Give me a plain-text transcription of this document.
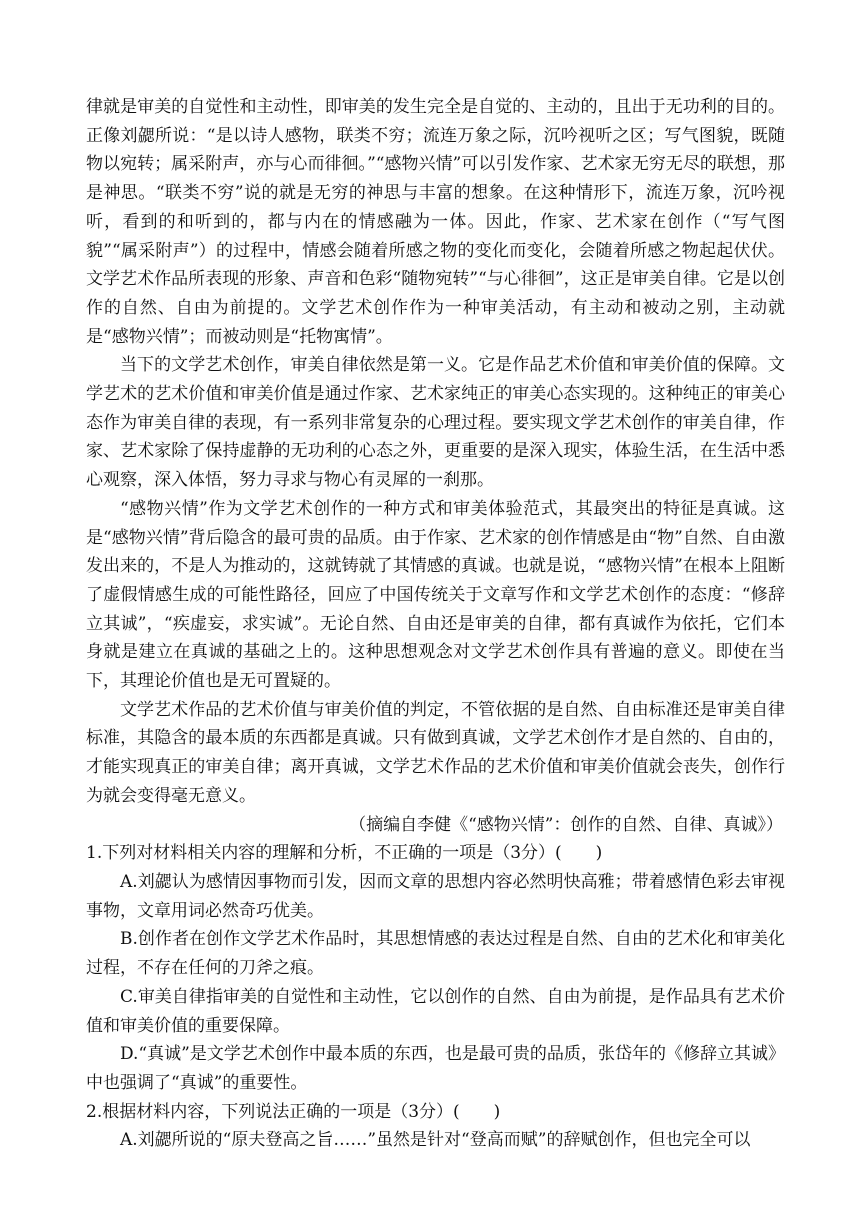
律就是审美的自觉性和主动性，即审美的发生完全是自觉的、主动的，且出于无功利的目的。正像刘勰所说：“是以诗人感物，联类不穷；流连万象之际，沉吟视听之区；写气图貌，既随物以宛转；属采附声，亦与心而徘徊。”“感物兴情”可以引发作家、艺术家无穷无尽的联想，那是神思。“联类不穷”说的就是无穷的神思与丰富的想象。在这种情形下，流连万象，沉吟视听，看到的和听到的，都与内在的情感融为一体。因此，作家、艺术家在创作（“写气图貌”“属采附声”）的过程中，情感会随着所感之物的变化而变化，会随着所感之物起起伏伏。文学艺术作品所表现的形象、声音和色彩“随物宛转”“与心徘徊”，这正是审美自律。它是以创作的自然、自由为前提的。文学艺术创作作为一种审美活动，有主动和被动之别，主动就是“感物兴情”；而被动则是“托物寓情”。

当下的文学艺术创作，审美自律依然是第一义。它是作品艺术价值和审美价值的保障。文学艺术的艺术价值和审美价值是通过作家、艺术家纯正的审美心态实现的。这种纯正的审美心态作为审美自律的表现，有一系列非常复杂的心理过程。要实现文学艺术创作的审美自律，作家、艺术家除了保持虚静的无功利的心态之外，更重要的是深入现实，体验生活，在生活中悉心观察，深入体悟，努力寻求与物心有灵犀的一刹那。

“感物兴情”作为文学艺术创作的一种方式和审美体验范式，其最突出的特征是真诚。这是“感物兴情”背后隐含的最可贵的品质。由于作家、艺术家的创作情感是由“物”自然、自由激发出来的，不是人为推动的，这就铸就了其情感的真诚。也就是说，“感物兴情”在根本上阻断了虚假情感生成的可能性路径，回应了中国传统关于文章写作和文学艺术创作的态度：“修辞立其诚”，“疾虚妄，求实诚”。无论自然、自由还是审美的自律，都有真诚作为依托，它们本身就是建立在真诚的基础之上的。这种思想观念对文学艺术创作具有普遍的意义。即使在当下，其理论价值也是无可置疑的。

文学艺术作品的艺术价值与审美价值的判定，不管依据的是自然、自由标准还是审美自律标准，其隐含的最本质的东西都是真诚。只有做到真诚，文学艺术创作才是自然的、自由的，才能实现真正的审美自律；离开真诚，文学艺术作品的艺术价值和审美价值就会丧失，创作行为就会变得毫无意义。

（摘编自李健《“感物兴情”：创作的自然、自律、真诚》）

1.下列对材料相关内容的理解和分析，不正确的一项是（3分）(　　)

A.刘勰认为感情因事物而引发，因而文章的思想内容必然明快高雅；带着感情色彩去审视事物，文章用词必然奇巧优美。

B.创作者在创作文学艺术作品时，其思想情感的表达过程是自然、自由的艺术化和审美化过程，不存在任何的刀斧之痕。

C.审美自律指审美的自觉性和主动性，它以创作的自然、自由为前提，是作品具有艺术价值和审美价值的重要保障。

D.“真诚”是文学艺术创作中最本质的东西，也是最可贵的品质，张岱年的《修辞立其诚》中也强调了“真诚”的重要性。

2.根据材料内容，下列说法正确的一项是（3分）(　　)

A.刘勰所说的“原夫登高之旨……”虽然是针对“登高而赋”的辞赋创作，但也完全可以
